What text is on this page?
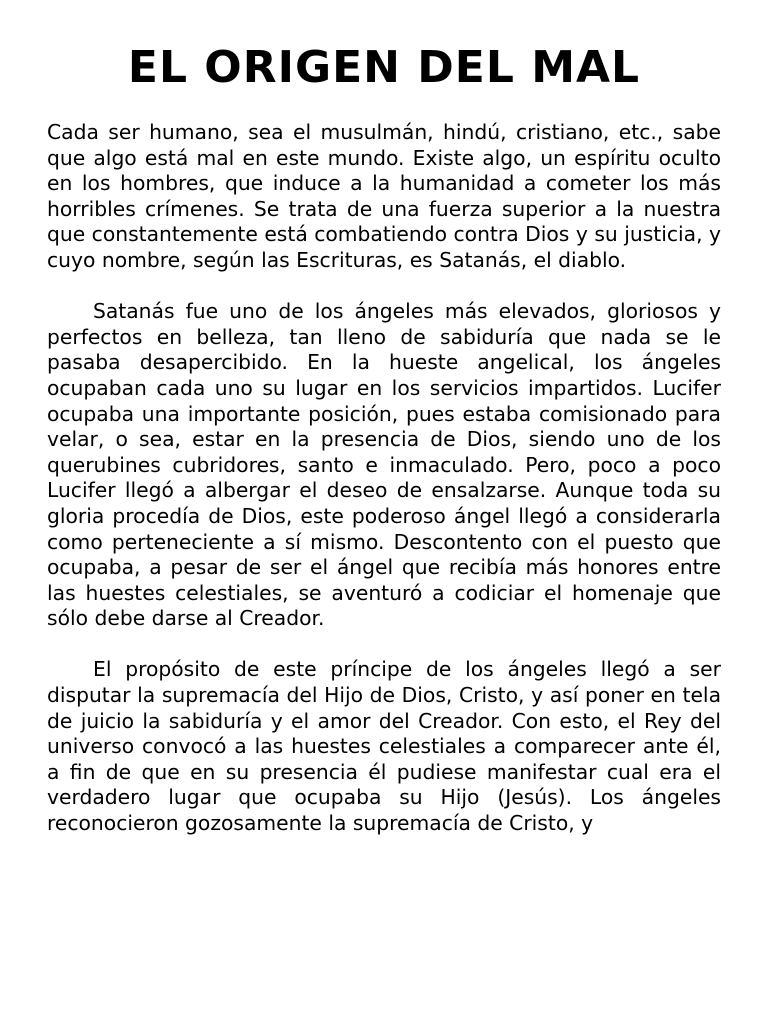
EL ORIGEN DEL MAL

Cada ser humano, sea el musulmán, hindú, cristiano, etc., sabe que algo está mal en este mundo. Existe algo, un espíritu oculto en los hombres, que induce a la humanidad a cometer los más horribles crímenes. Se trata de una fuerza superior a la nuestra que constantemente está combatiendo contra Dios y su justicia, y cuyo nombre, según las Escrituras, es Satanás, el diablo.

Satanás fue uno de los ángeles más elevados, gloriosos y perfectos en belleza, tan lleno de sabiduría que nada se le pasaba desapercibido. En la hueste angelical, los ángeles ocupaban cada uno su lugar en los servicios impartidos. Lucifer ocupaba una importante posición, pues estaba comisionado para velar, o sea, estar en la presencia de Dios, siendo uno de los querubines cubridores, santo e inmaculado. Pero, poco a poco Lucifer llegó a albergar el deseo de ensalzarse. Aunque toda su gloria procedía de Dios, este poderoso ángel llegó a considerarla como perteneciente a sí mismo. Descontento con el puesto que ocupaba, a pesar de ser el ángel que recibía más honores entre las huestes celestiales, se aventuró a codiciar el homenaje que sólo debe darse al Creador.

El propósito de este príncipe de los ángeles llegó a ser disputar la supremacía del Hijo de Dios, Cristo, y así poner en tela de juicio la sabiduría y el amor del Creador. Con esto, el Rey del universo convocó a las huestes celestiales a comparecer ante él, a fin de que en su presencia él pudiese manifestar cual era el verdadero lugar que ocupaba su Hijo (Jesús). Los ángeles reconocieron gozosamente la supremacía de Cristo, y
